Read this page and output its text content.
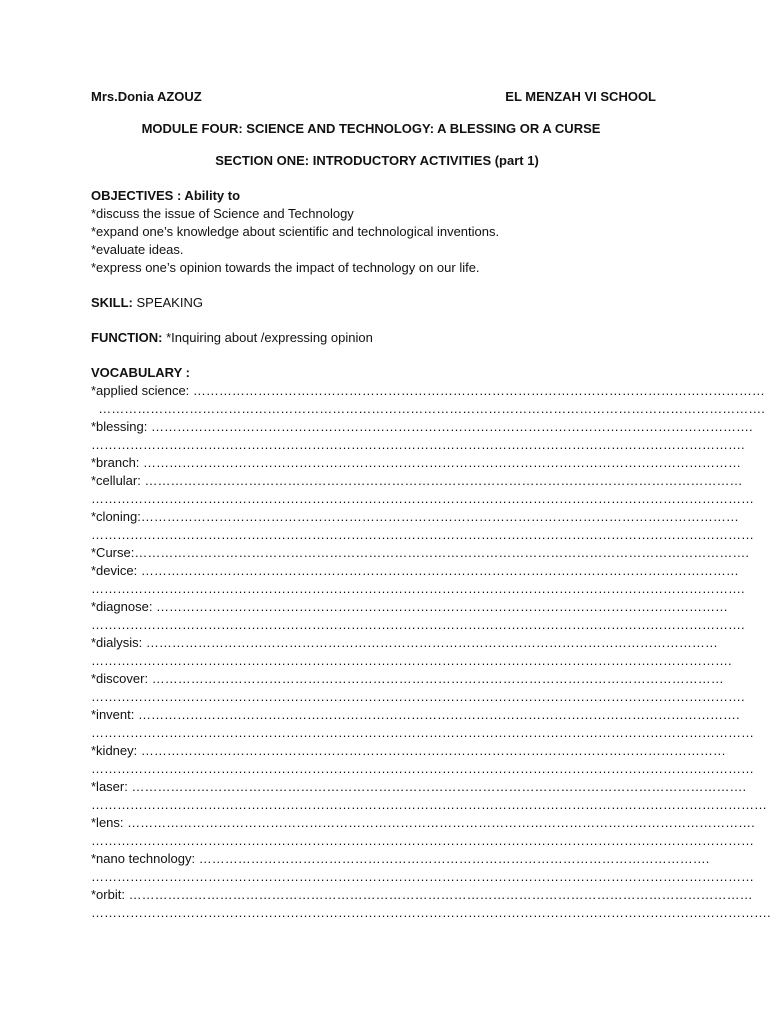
Mrs.Donia AZOUZ	EL MENZAH VI SCHOOL
MODULE FOUR: SCIENCE AND TECHNOLOGY: A BLESSING OR A CURSE
SECTION ONE: INTRODUCTORY ACTIVITIES (part 1)
OBJECTIVES : Ability to
*discuss the issue of Science and Technology
*expand one’s knowledge about scientific and technological inventions.
*evaluate ideas.
*express one’s opinion towards the impact of technology on our life.
SKILL: SPEAKING
FUNCTION: *Inquiring about /expressing opinion
VOCABULARY :
*applied science: ……………………………………………………………………………………………………………………
……………………………………………………………………………………………………………………………………….
*blessing: ………………………………………………………………………………………………………………………….
…………………………………………………………………………………………………………………………………….
*branch: …………………………………………………………………………………………………………………………
*cellular: …………………………………………………………………………………………………………………………
………………………………………………………………………………………………………………………………………
*cloning:…………………………………………………………………………………………………………………………
………………………………………………………………………………………………………………………………………
*Curse:…………………………………………………………………………………………………………………………….
*device: …………………………………………………………………………………………………………………………
…………………………………………………………………………………………………………………………………….
*diagnose: ……………………………………………………………………………………………………………………
…………………………………………………………………………………………………………………………………….
*dialysis: ……………………………………………………………………………………………………………………
………………………………………………………………………………………………………………………………….
*discover: ……………………………………………………………………………………………………………………
…………………………………………………………………………………………………………………………………….
*invent: ………………………………………………………………………………………………………………………….
………………………………………………………………………………………………………………………………………
*kidney: ………………………………………………………………………………………………………………………
………………………………………………………………………………………………………………………………………
*laser: …………………………………………………………………………………………………………………………….
…………………………………………………………………………………………………………………………………………
*lens: ……………………………………………………………………………………………………………………………….
………………………………………………………………………………………………………………………………………
*nano technology: ……………………………………………………………………………………………………….
………………………………………………………………………………………………………………………………………
*orbit: ………………………………………………………………………………………………………………………………
………………………………………………………………………………………………………………………………………….
